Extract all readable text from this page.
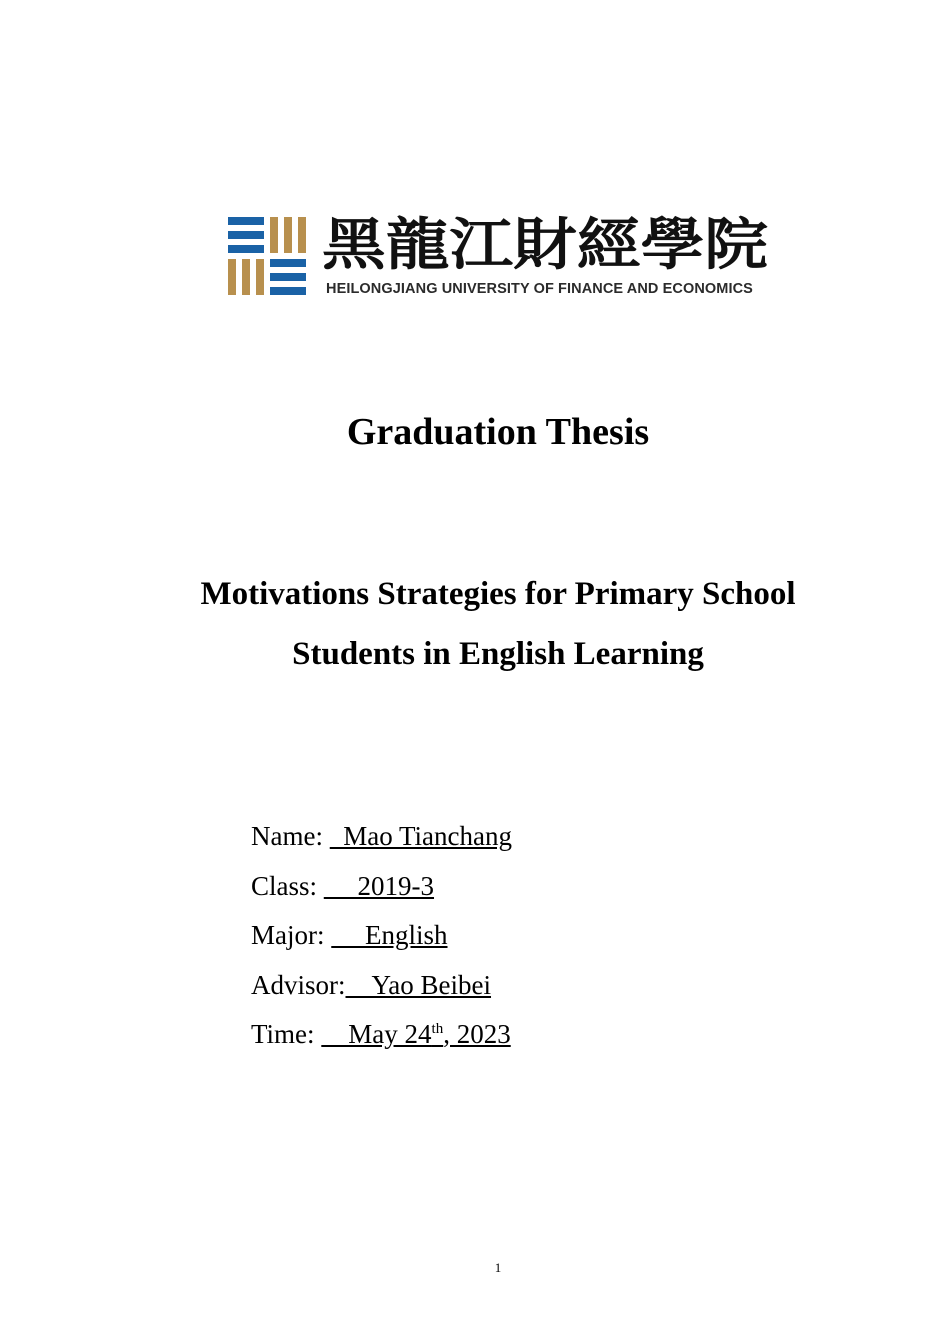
黑龍江財經學院
HEILONGJIANG UNIVERSITY OF FINANCE AND ECONOMICS
Graduation Thesis
Motivations Strategies for Primary School
Students in English Learning
Name:   Mao Tianchang
Class:      2019-3
Major:      English
Advisor:    Yao Beibei
Time:     May 24th, 2023
1
